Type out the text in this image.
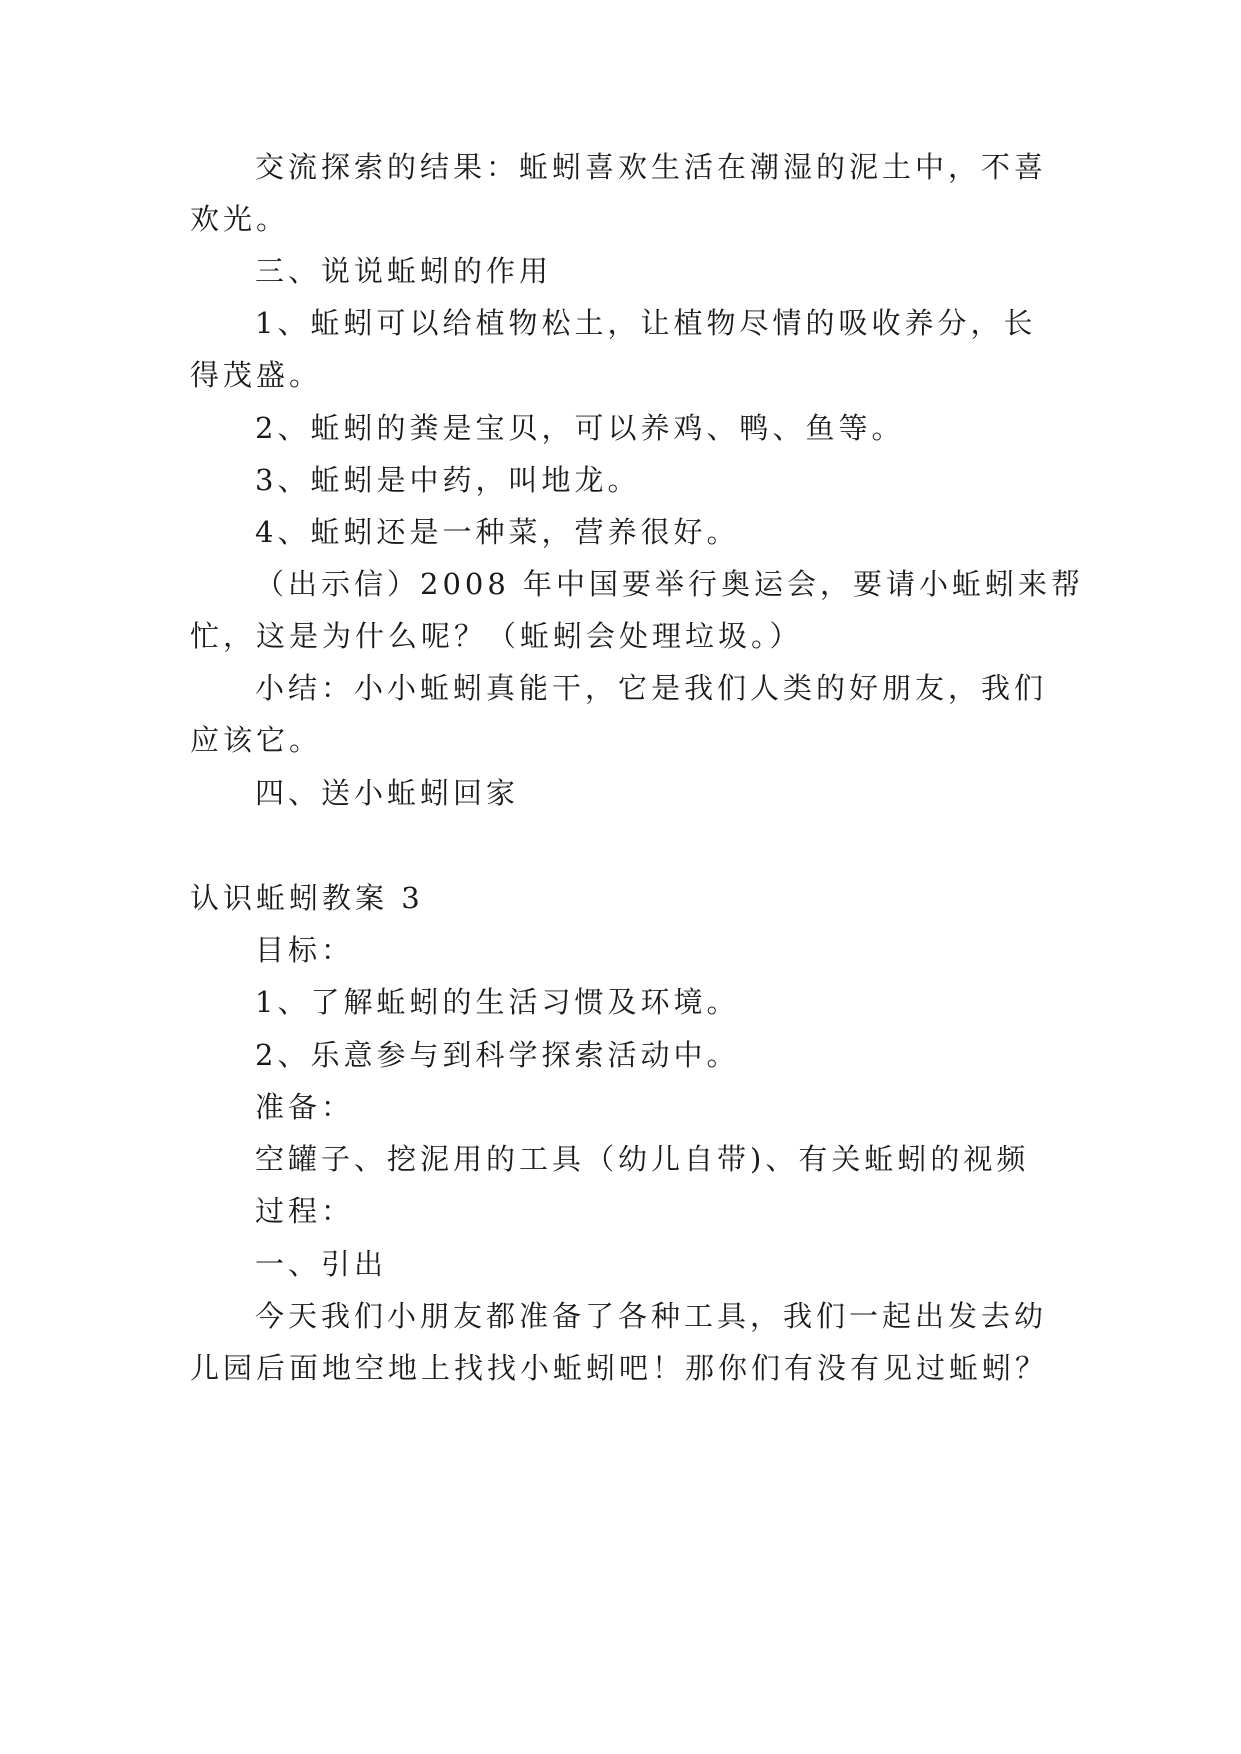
交流探索的结果：蚯蚓喜欢生活在潮湿的泥土中，不喜
欢光。
三、说说蚯蚓的作用
1、蚯蚓可以给植物松土，让植物尽情的吸收养分，长
得茂盛。
2、蚯蚓的粪是宝贝，可以养鸡、鸭、鱼等。
3、蚯蚓是中药，叫地龙。
4、蚯蚓还是一种菜，营养很好。
（出示信）2008 年中国要举行奥运会，要请小蚯蚓来帮
忙，这是为什么呢？（蚯蚓会处理垃圾。）
小结：小小蚯蚓真能干，它是我们人类的好朋友，我们
应该它。
四、送小蚯蚓回家
认识蚯蚓教案 3
目标：
1、了解蚯蚓的生活习惯及环境。
2、乐意参与到科学探索活动中。
准备：
空罐子、挖泥用的工具（幼儿自带)、有关蚯蚓的视频
过程：
一、引出
今天我们小朋友都准备了各种工具，我们一起出发去幼
儿园后面地空地上找找小蚯蚓吧！那你们有没有见过蚯蚓？
